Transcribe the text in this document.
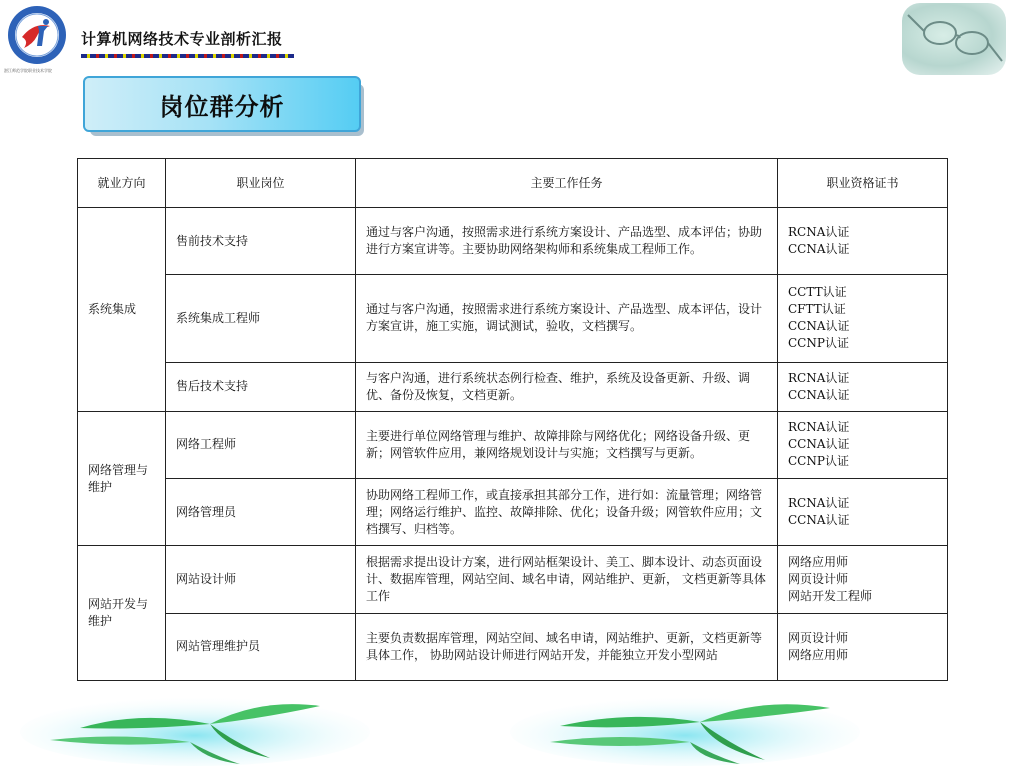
湛江师范学院职业技术学院
计算机网络技术专业剖析汇报
岗位群分析
就业方向	职业岗位	主要工作任务	职业资格证书
系统集成	售前技术支持	通过与客户沟通，按照需求进行系统方案设计、产品选型、成本评估；协助进行方案宣讲等。主要协助网络架构师和系统集成工程师工作。	RCNA认证
CCNA认证

	系统集成工程师	通过与客户沟通，按照需求进行系统方案设计、产品选型、成本评估，设计方案宣讲，施工实施，调试测试，验收，文档撰写。	CCTT认证
CFTT认证
CCNA认证
CCNP认证

	售后技术支持	与客户沟通，进行系统状态例行检查、维护，系统及设备更新、升级、调优、备份及恢复，文档更新。	RCNA认证
CCNA认证

网络管理与维护	网络工程师	主要进行单位网络管理与维护、故障排除与网络优化；网络设备升级、更新；网管软件应用，兼网络规划设计与实施；文档撰写与更新。	RCNA认证
CCNA认证
CCNP认证

	网络管理员	协助网络工程师工作，或直接承担其部分工作，进行如：流量管理；网络管理；网络运行维护、监控、故障排除、优化；设备升级；网管软件应用；文档撰写、归档等。	RCNA认证
CCNA认证

网站开发与维护	网站设计师	根据需求提出设计方案，进行网站框架设计、美工、脚本设计、动态页面设计、数据库管理，网站空间、域名申请，网站维护、更新， 文档更新等具体工作	网络应用师
网页设计师
网站开发工程师

	网站管理维护员	主要负责数据库管理，网站空间、域名申请，网站维护、更新，文档更新等具体工作， 协助网站设计师进行网站开发，并能独立开发小型网站	网页设计师
网络应用师
